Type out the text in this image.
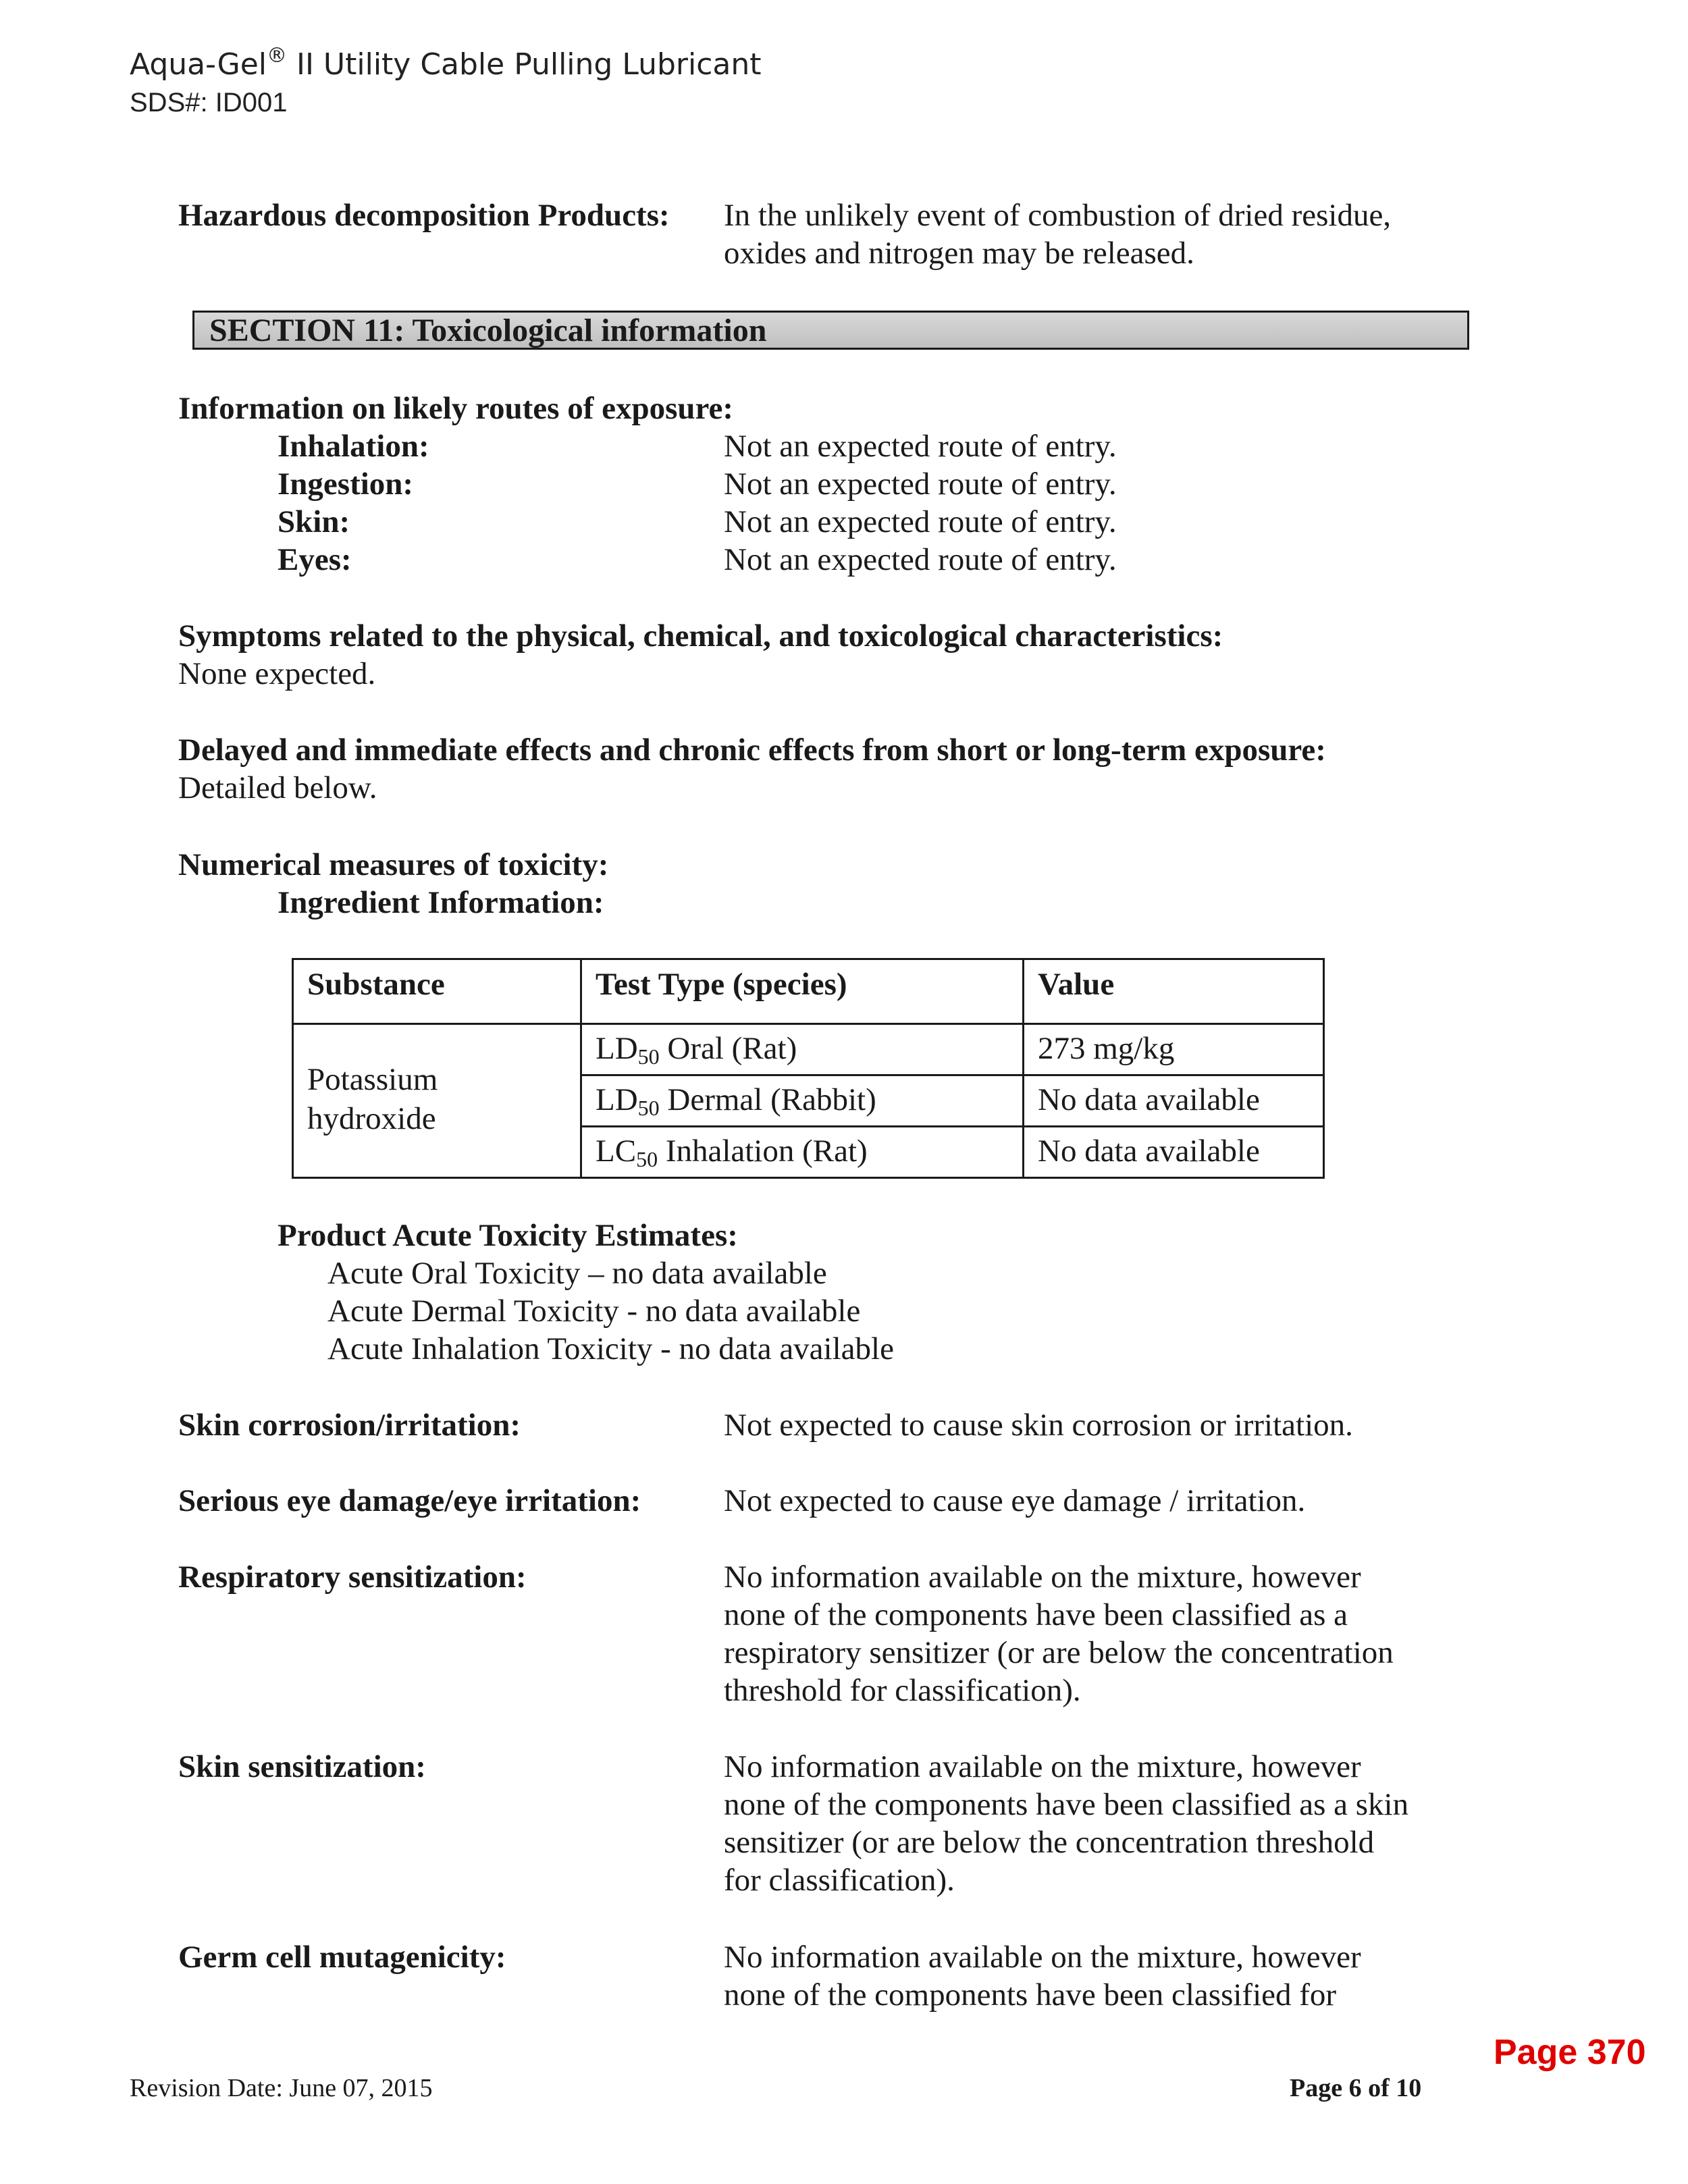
Aqua-Gel® II Utility Cable Pulling Lubricant
SDS#: ID001
Hazardous decomposition Products: In the unlikely event of combustion of dried residue,
oxides and nitrogen may be released.
SECTION 11: Toxicological information
Information on likely routes of exposure:
Inhalation:	Not an expected route of entry.
Ingestion:	Not an expected route of entry.
Skin:	Not an expected route of entry.
Eyes:	Not an expected route of entry.
Symptoms related to the physical, chemical, and toxicological characteristics:
None expected.
Delayed and immediate effects and chronic effects from short or long-term exposure:
Detailed below.
Numerical measures of toxicity:
Ingredient Information:
Substance	Test Type (species)	Value
Potassium
hydroxide	$LD_{50}$ Oral (Rat)	273 mg/kg
	$LD_{50}$ Dermal (Rabbit)	No data available
	$LC_{50}$ Inhalation (Rat)	No data available
Product Acute Toxicity Estimates:
Acute Oral Toxicity – no data available
Acute Dermal Toxicity - no data available
Acute Inhalation Toxicity - no data available
Skin corrosion/irritation:	Not expected to cause skin corrosion or irritation.
Serious eye damage/eye irritation:	Not expected to cause eye damage / irritation.
Respiratory sensitization:	No information available on the mixture, however
none of the components have been classified as a
respiratory sensitizer (or are below the concentration
threshold for classification).
Skin sensitization:	No information available on the mixture, however
none of the components have been classified as a skin
sensitizer (or are below the concentration threshold
for classification).
Germ cell mutagenicity:	No information available on the mixture, however
none of the components have been classified for
Revision Date: June 07, 2015	Page 6 of 10
Page 370
